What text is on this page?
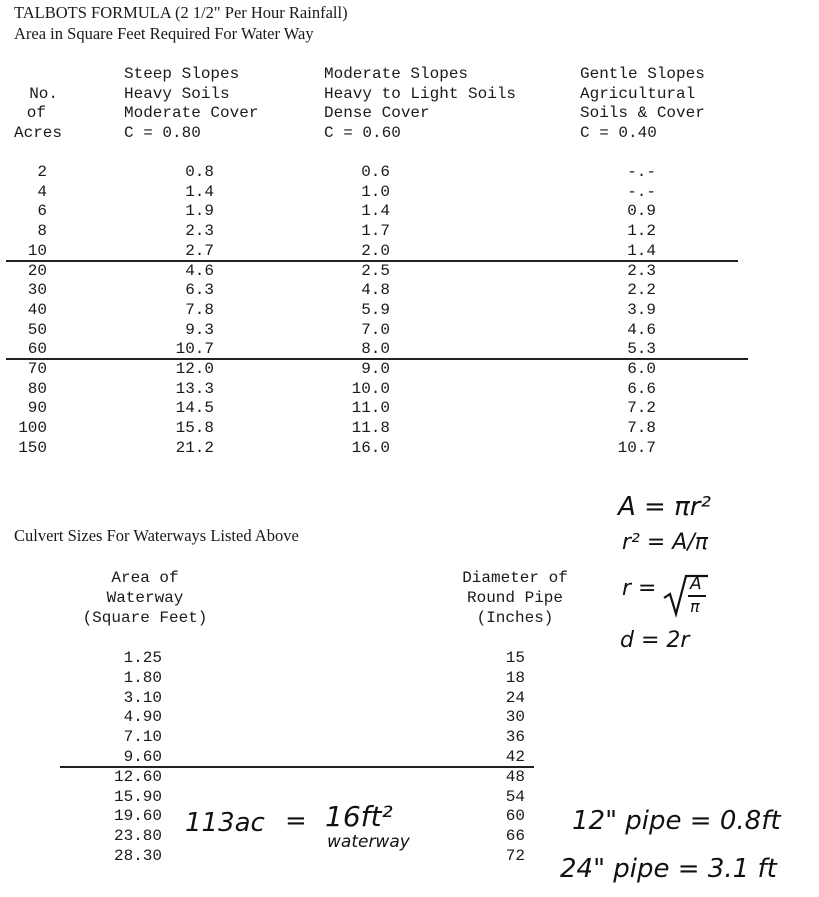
TALBOTS FORMULA (2 1/2" Per Hour Rainfall)
Area in Square Feet Required For Water Way
No.
of
Acres
Steep Slopes
Heavy Soils
Moderate Cover
C = 0.80
Moderate Slopes
Heavy to Light Soils
Dense Cover
C = 0.60
Gentle Slopes
Agricultural
Soils & Cover
C = 0.40
2	0.8	0.6	-.-
4	1.4	1.0	-.-
6	1.9	1.4	0.9
8	2.3	1.7	1.2
10	2.7	2.0	1.4
20	4.6	2.5	2.3
30	6.3	4.8	2.2
40	7.8	5.9	3.9
50	9.3	7.0	4.6
60	10.7	8.0	5.3
70	12.0	9.0	6.0
80	13.3	10.0	6.6
90	14.5	11.0	7.2
100	15.8	11.8	7.8
150	21.2	16.0	10.7
Culvert Sizes For Waterways Listed Above
Area of
Waterway
(Square Feet)
Diameter of
Round Pipe
(Inches)
1.25	15
1.80	18
3.10	24
4.90	30
7.10	36
9.60	42
12.60	48
15.90	54
19.60	60
23.80	66
28.30	72
A = πr²
r² = A/π
r = A
π
d = 2r
113ac = 16ft²
waterway
12" pipe = 0.8ft
24" pipe = 3.1 ft
